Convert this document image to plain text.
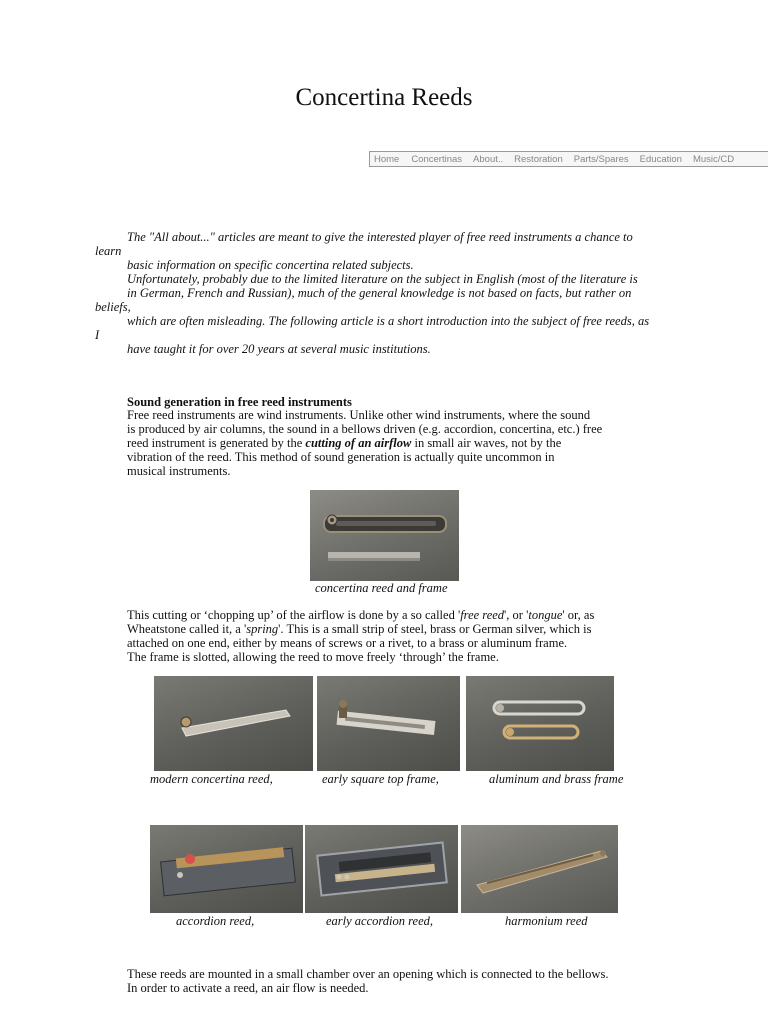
Concertina Reeds
Home	Concertinas	About..	Restoration	Parts/Spares	Education	Music/CD
The "All about..." articles are meant to give the interested player of free reed instruments a chance to
learn
basic information on specific concertina related subjects.
Unfortunately, probably due to the limited literature on the subject in English (most of the literature is
in German, French and Russian), much of the general knowledge is not based on facts, but rather on
beliefs,
which are often misleading. The following article is a short introduction into the subject of free reeds, as
I
have taught it for over 20 years at several music institutions.
Sound generation in free reed instruments
Free reed instruments are wind instruments. Unlike other wind instruments, where the sound
is produced by air columns, the sound in a bellows driven (e.g. accordion, concertina, etc.) free
reed instrument is generated by the cutting of an airflow in small air waves, not by the
vibration of the reed. This method of sound generation is actually quite uncommon in
musical instruments.
concertina reed and frame
This cutting or ‘chopping up’ of the airflow is done by a so called 'free reed', or 'tongue' or, as
Wheatstone called it, a 'spring'. This is a small strip of steel, brass or German silver, which is
attached on one end, either by means of screws or a rivet, to a brass or aluminum frame.
The frame is slotted, allowing the reed to move freely ‘through’ the frame.
modern concertina reed,	early square top frame,	aluminum and brass frame
accordion reed,	early accordion reed,	harmonium reed
These reeds are mounted in a small chamber over an opening which is connected to the bellows.
In order to activate a reed, an air flow is needed.
